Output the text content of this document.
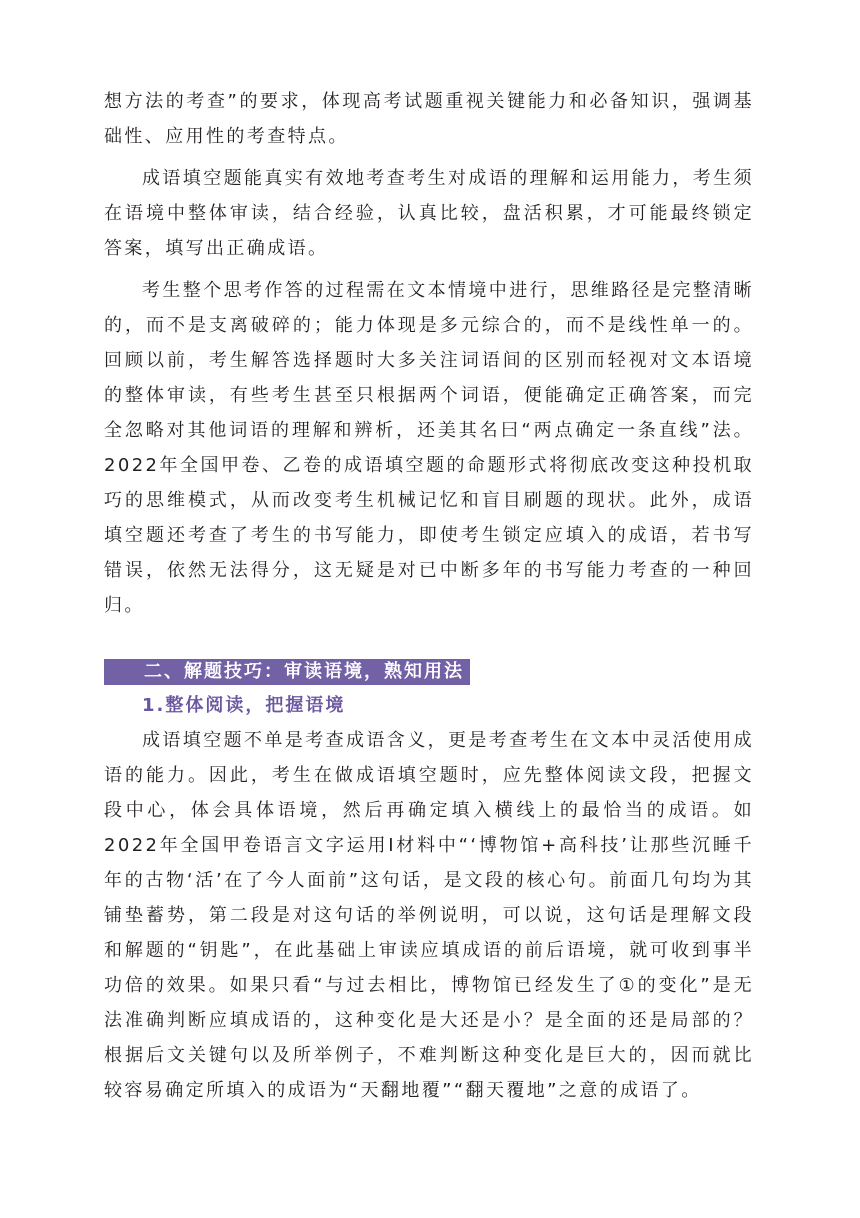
想方法的考查”的要求，体现高考试题重视关键能力和必备知识，强调基础性、应用性的考查特点。

成语填空题能真实有效地考查考生对成语的理解和运用能力，考生须在语境中整体审读，结合经验，认真比较，盘活积累，才可能最终锁定答案，填写出正确成语。

考生整个思考作答的过程需在文本情境中进行，思维路径是完整清晰的，而不是支离破碎的；能力体现是多元综合的，而不是线性单一的。回顾以前，考生解答选择题时大多关注词语间的区别而轻视对文本语境的整体审读，有些考生甚至只根据两个词语，便能确定正确答案，而完全忽略对其他词语的理解和辨析，还美其名曰“两点确定一条直线”法。2022年全国甲卷、乙卷的成语填空题的命题形式将彻底改变这种投机取巧的思维模式，从而改变考生机械记忆和盲目刷题的现状。此外，成语填空题还考查了考生的书写能力，即使考生锁定应填入的成语，若书写错误，依然无法得分，这无疑是对已中断多年的书写能力考查的一种回归。

二、解题技巧：审读语境，熟知用法
1.整体阅读，把握语境

成语填空题不单是考查成语含义，更是考查考生在文本中灵活使用成语的能力。因此，考生在做成语填空题时，应先整体阅读文段，把握文段中心，体会具体语境，然后再确定填入横线上的最恰当的成语。如2022年全国甲卷语言文字运用Ⅰ材料中“‘博物馆+高科技’让那些沉睡千年的古物‘活’在了今人面前”这句话，是文段的核心句。前面几句均为其铺垫蓄势，第二段是对这句话的举例说明，可以说，这句话是理解文段和解题的“钥匙”，在此基础上审读应填成语的前后语境，就可收到事半功倍的效果。如果只看“与过去相比，博物馆已经发生了①的变化”是无法准确判断应填成语的，这种变化是大还是小？是全面的还是局部的？根据后文关键句以及所举例子，不难判断这种变化是巨大的，因而就比较容易确定所填入的成语为“天翻地覆”“翻天覆地”之意的成语了。
